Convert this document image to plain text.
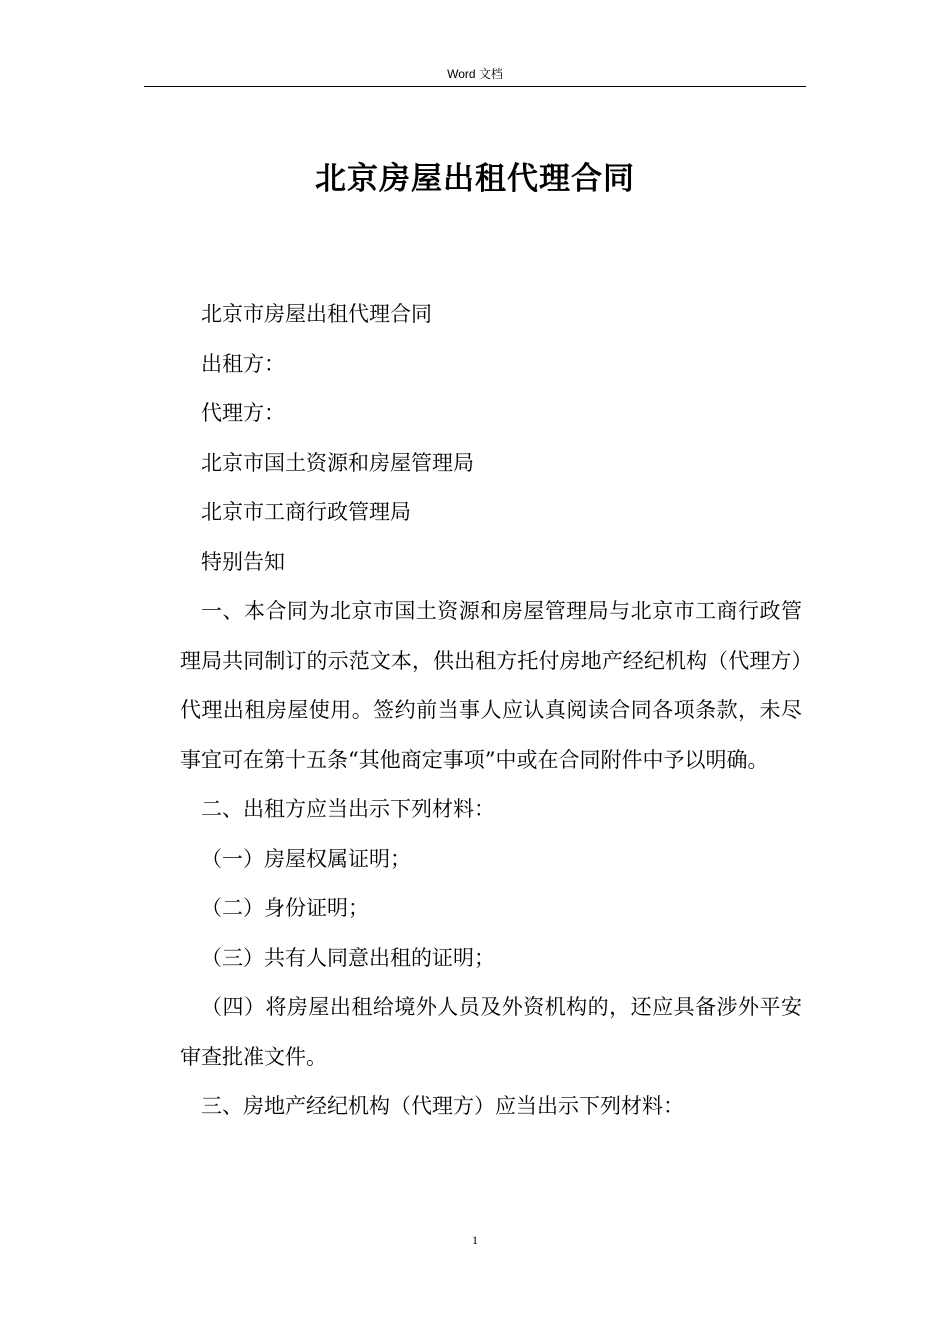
Word 文档
北京房屋出租代理合同

北京市房屋出租代理合同

出租方：

代理方：

北京市国土资源和房屋管理局

北京市工商行政管理局

特别告知

一、本合同为北京市国土资源和房屋管理局与北京市工商行政管理局共同制订的示范文本，供出租方托付房地产经纪机构（代理方）代理出租房屋使用。签约前当事人应认真阅读合同各项条款，未尽事宜可在第十五条“其他商定事项”中或在合同附件中予以明确。

二、出租方应当出示下列材料：

（一）房屋权属证明；

（二）身份证明；

（三）共有人同意出租的证明；

（四）将房屋出租给境外人员及外资机构的，还应具备涉外平安审查批准文件。

三、房地产经纪机构（代理方）应当出示下列材料：

1
